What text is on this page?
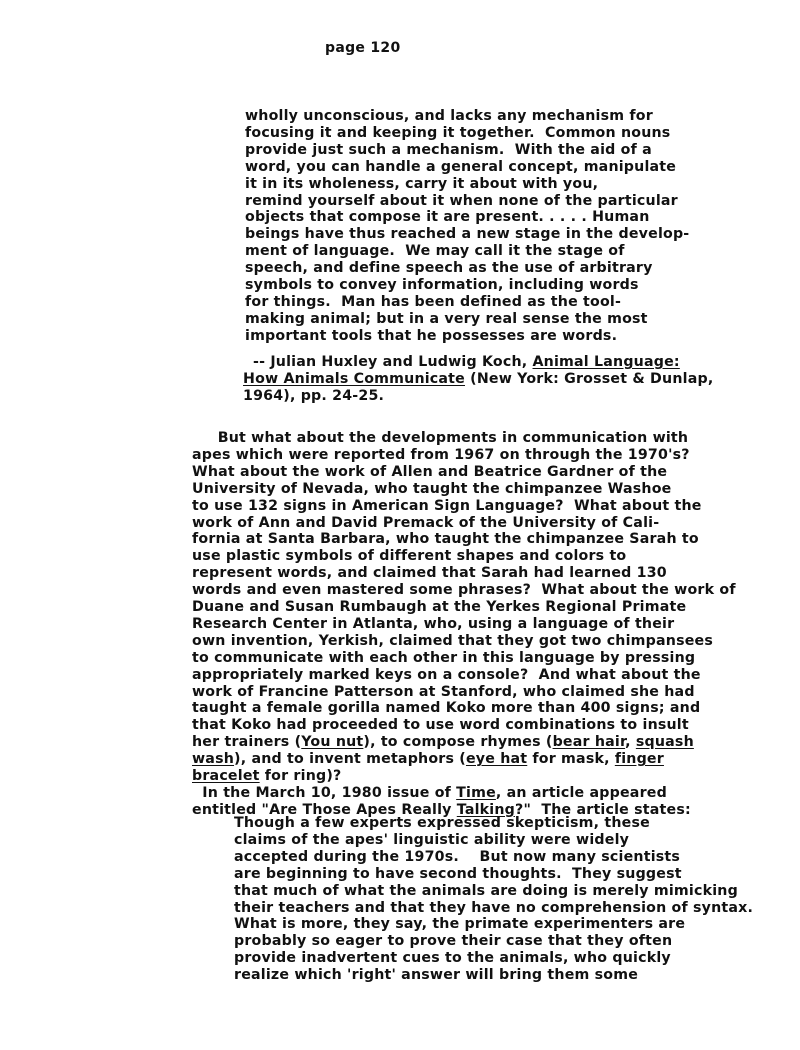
page 120
wholly unconscious, and lacks any mechanism for
focusing it and keeping it together.  Common nouns
provide just such a mechanism.  With the aid of a
word, you can handle a general concept, manipulate
it in its wholeness, carry it about with you,
remind yourself about it when none of the particular
objects that compose it are present. . . . . Human
beings have thus reached a new stage in the develop-
ment of language.  We may call it the stage of
speech, and define speech as the use of arbitrary
symbols to convey information, including words
for things.  Man has been defined as the tool-
making animal; but in a very real sense the most
important tools that he possesses are words.
-- Julian Huxley and Ludwig Koch, Animal Language:
How Animals Communicate (New York: Grosset & Dunlap,
1964), pp. 24-25.
But what about the developments in communication with
apes which were reported from 1967 on through the 1970's?
What about the work of Allen and Beatrice Gardner of the
University of Nevada, who taught the chimpanzee Washoe
to use 132 signs in American Sign Language?  What about the
work of Ann and David Premack of the University of Cali-
fornia at Santa Barbara, who taught the chimpanzee Sarah to
use plastic symbols of different shapes and colors to
represent words, and claimed that Sarah had learned 130
words and even mastered some phrases?  What about the work of
Duane and Susan Rumbaugh at the Yerkes Regional Primate
Research Center in Atlanta, who, using a language of their
own invention, Yerkish, claimed that they got two chimpansees
to communicate with each other in this language by pressing
appropriately marked keys on a console?  And what about the
work of Francine Patterson at Stanford, who claimed she had
taught a female gorilla named Koko more than 400 signs; and
that Koko had proceeded to use word combinations to insult
her trainers (You nut), to compose rhymes (bear hair, squash
wash), and to invent metaphors (eye hat for mask, finger
bracelet for ring)?
In the March 10, 1980 issue of Time, an article appeared
entitled "Are Those Apes Really Talking?"  The article states:
Though a few experts expressed skepticism, these
claims of the apes' linguistic ability were widely
accepted during the 1970s.    But now many scientists
are beginning to have second thoughts.  They suggest
that much of what the animals are doing is merely mimicking
their teachers and that they have no comprehension of syntax.
What is more, they say, the primate experimenters are
probably so eager to prove their case that they often
provide inadvertent cues to the animals, who quickly
realize which 'right' answer will bring them some
